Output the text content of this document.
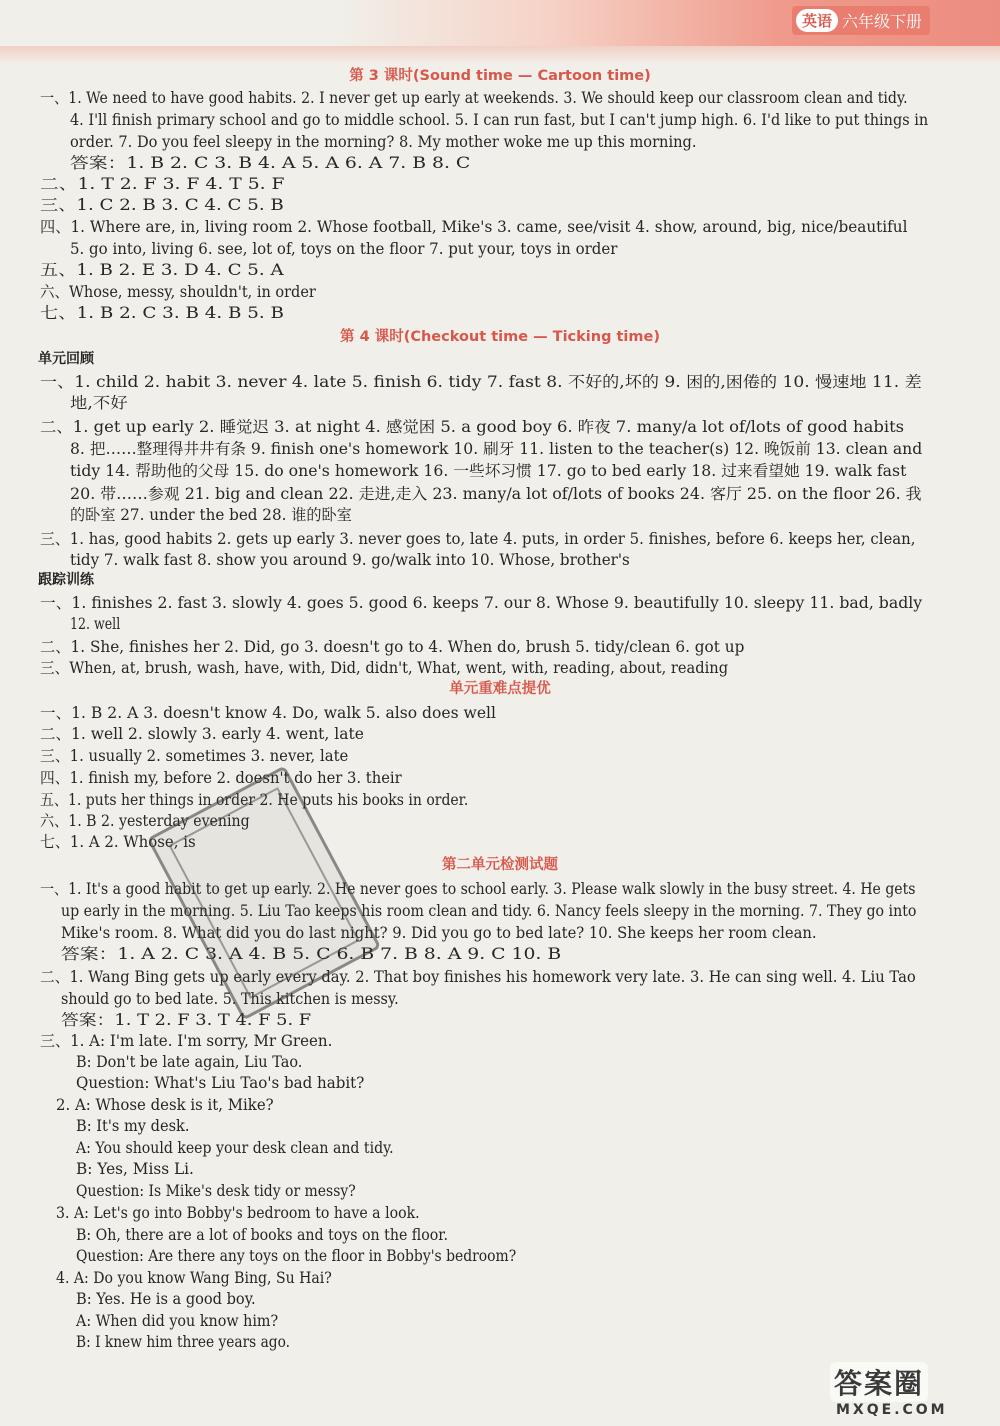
英语 六年级下册
第 3 课时(Sound time — Cartoon time)
一、1. We need to have good habits. 2. I never get up early at weekends. 3. We should keep our classroom clean and tidy.
4. I'll finish primary school and go to middle school. 5. I can run fast, but I can't jump high. 6. I'd like to put things in
order. 7. Do you feel sleepy in the morning? 8. My mother woke me up this morning.
答案：1. B 2. C 3. B 4. A 5. A 6. A 7. B 8. C
二、1. T 2. F 3. F 4. T 5. F
三、1. C 2. B 3. C 4. C 5. B
四、1. Where are, in, living room 2. Whose football, Mike's 3. came, see/visit 4. show, around, big, nice/beautiful
5. go into, living 6. see, lot of, toys on the floor 7. put your, toys in order
五、1. B 2. E 3. D 4. C 5. A
六、Whose, messy, shouldn't, in order
七、1. B 2. C 3. B 4. B 5. B
第 4 课时(Checkout time — Ticking time)
单元回顾
一、1. child 2. habit 3. never 4. late 5. finish 6. tidy 7. fast 8. 不好的,坏的 9. 困的,困倦的 10. 慢速地 11. 差
地,不好
二、1. get up early 2. 睡觉迟 3. at night 4. 感觉困 5. a good boy 6. 昨夜 7. many/a lot of/lots of good habits
8. 把……整理得井井有条 9. finish one's homework 10. 刷牙 11. listen to the teacher(s) 12. 晚饭前 13. clean and
tidy 14. 帮助他的父母 15. do one's homework 16. 一些坏习惯 17. go to bed early 18. 过来看望她 19. walk fast
20. 带……参观 21. big and clean 22. 走进,走入 23. many/a lot of/lots of books 24. 客厅 25. on the floor 26. 我
的卧室 27. under the bed 28. 谁的卧室
三、1. has, good habits 2. gets up early 3. never goes to, late 4. puts, in order 5. finishes, before 6. keeps her, clean,
tidy 7. walk fast 8. show you around 9. go/walk into 10. Whose, brother's
跟踪训练
一、1. finishes 2. fast 3. slowly 4. goes 5. good 6. keeps 7. our 8. Whose 9. beautifully 10. sleepy 11. bad, badly
12. well
二、1. She, finishes her 2. Did, go 3. doesn't go to 4. When do, brush 5. tidy/clean 6. got up
三、When, at, brush, wash, have, with, Did, didn't, What, went, with, reading, about, reading
单元重难点提优
一、1. B 2. A 3. doesn't know 4. Do, walk 5. also does well
二、1. well 2. slowly 3. early 4. went, late
三、1. usually 2. sometimes 3. never, late
四、1. finish my, before 2. doesn't do her 3. their
五、1. puts her things in order 2. He puts his books in order.
六、1. B 2. yesterday evening
七、1. A 2. Whose, is
第二单元检测试题
一、1. It's a good habit to get up early. 2. He never goes to school early. 3. Please walk slowly in the busy street. 4. He gets
up early in the morning. 5. Liu Tao keeps his room clean and tidy. 6. Nancy feels sleepy in the morning. 7. They go into
Mike's room. 8. What did you do last night? 9. Did you go to bed late? 10. She keeps her room clean.
答案：1. A 2. C 3. A 4. B 5. C 6. B 7. B 8. A 9. C 10. B
二、1. Wang Bing gets up early every day. 2. That boy finishes his homework very late. 3. He can sing well. 4. Liu Tao
should go to bed late. 5. This kitchen is messy.
答案：1. T 2. F 3. T 4. F 5. F
三、1. A: I'm late. I'm sorry, Mr Green.
B: Don't be late again, Liu Tao.
Question: What's Liu Tao's bad habit?
2. A: Whose desk is it, Mike?
B: It's my desk.
A: You should keep your desk clean and tidy.
B: Yes, Miss Li.
Question: Is Mike's desk tidy or messy?
3. A: Let's go into Bobby's bedroom to have a look.
B: Oh, there are a lot of books and toys on the floor.
Question: Are there any toys on the floor in Bobby's bedroom?
4. A: Do you know Wang Bing, Su Hai?
B: Yes. He is a good boy.
A: When did you know him?
B: I knew him three years ago.
答案圈
MXQE.COM
